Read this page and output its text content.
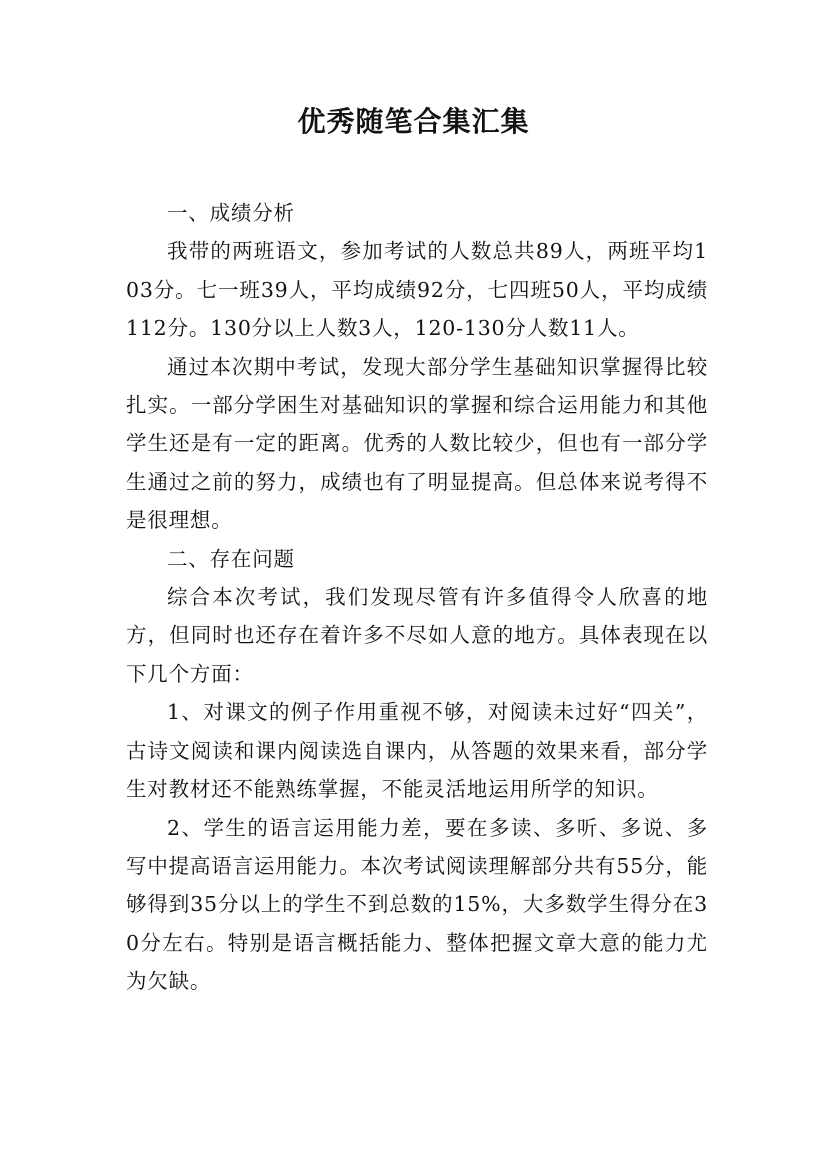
优秀随笔合集汇集

一、成绩分析

我带的两班语文，参加考试的人数总共89人，两班平均103分。七一班39人，平均成绩92分，七四班50人，平均成绩112分。130分以上人数3人，120-130分人数11人。

通过本次期中考试，发现大部分学生基础知识掌握得比较扎实。一部分学困生对基础知识的掌握和综合运用能力和其他学生还是有一定的距离。优秀的人数比较少，但也有一部分学生通过之前的努力，成绩也有了明显提高。但总体来说考得不是很理想。

二、存在问题

综合本次考试，我们发现尽管有许多值得令人欣喜的地方，但同时也还存在着许多不尽如人意的地方。具体表现在以下几个方面：

1、对课文的例子作用重视不够，对阅读未过好“四关”，古诗文阅读和课内阅读选自课内，从答题的效果来看，部分学生对教材还不能熟练掌握，不能灵活地运用所学的知识。

2、学生的语言运用能力差，要在多读、多听、多说、多写中提高语言运用能力。本次考试阅读理解部分共有55分，能够得到35分以上的学生不到总数的15%，大多数学生得分在30分左右。特别是语言概括能力、整体把握文章大意的能力尤为欠缺。
